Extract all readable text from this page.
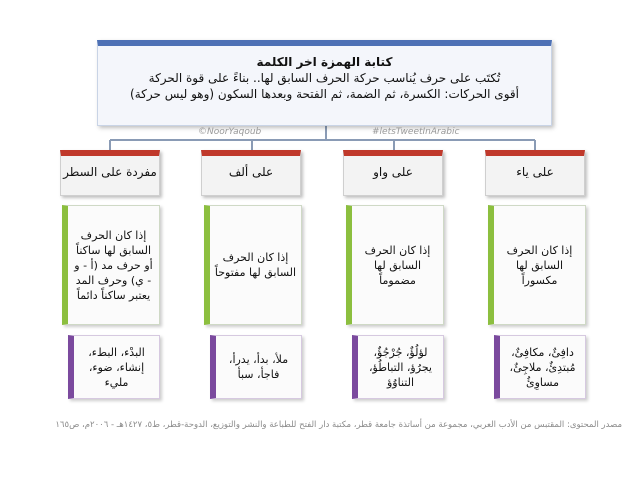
كتابة الهمزة اخر الكلمة
تُكتَب على حرف يُناسب حركة الحرف السابق لها.. بناءً على قوة الحركة
أقوى الحركات: الكسرة، ثم الضمة، ثم الفتحة وبعدها السكون (وهو ليس حركة)
©NoorYaqoub	#letsTweetInArabic
على ياء
إذا كان الحرف السابق لها مكسوراً
دافِئٌ، مكافِئٌ، مُبتدِئٌ، ملاجِئٌ، مساوِئُ
على واو
إذا كان الحرف السابق لها مضموماً
لؤلُؤٌ، جُرْجُؤٌ، يجرُؤ، التباطُؤ، التناوُؤ
على ألف
إذا كان الحرف السابق لها مفتوحاً
ملأ، بدأ، يدرأ، فاجأ، سبأ
مفردة على السطر
إذا كان الحرف السابق لها ساكناً أو حرف مد (أ - و - ي) وحرف المد يعتبر ساكناً دائماً
البدْء، البطء، إنشاء، ضوء، مليء
مصدر المحتوى: المقتبس من الأدب العربي، مجموعة من أساتذة جامعة قطر، مكتبة دار الفتح للطباعة والنشر والتوزيع، الدوحة-قطر، ط٥، ١٤٢٧هـ - ٢٠٠٦م، ص١٦٥
